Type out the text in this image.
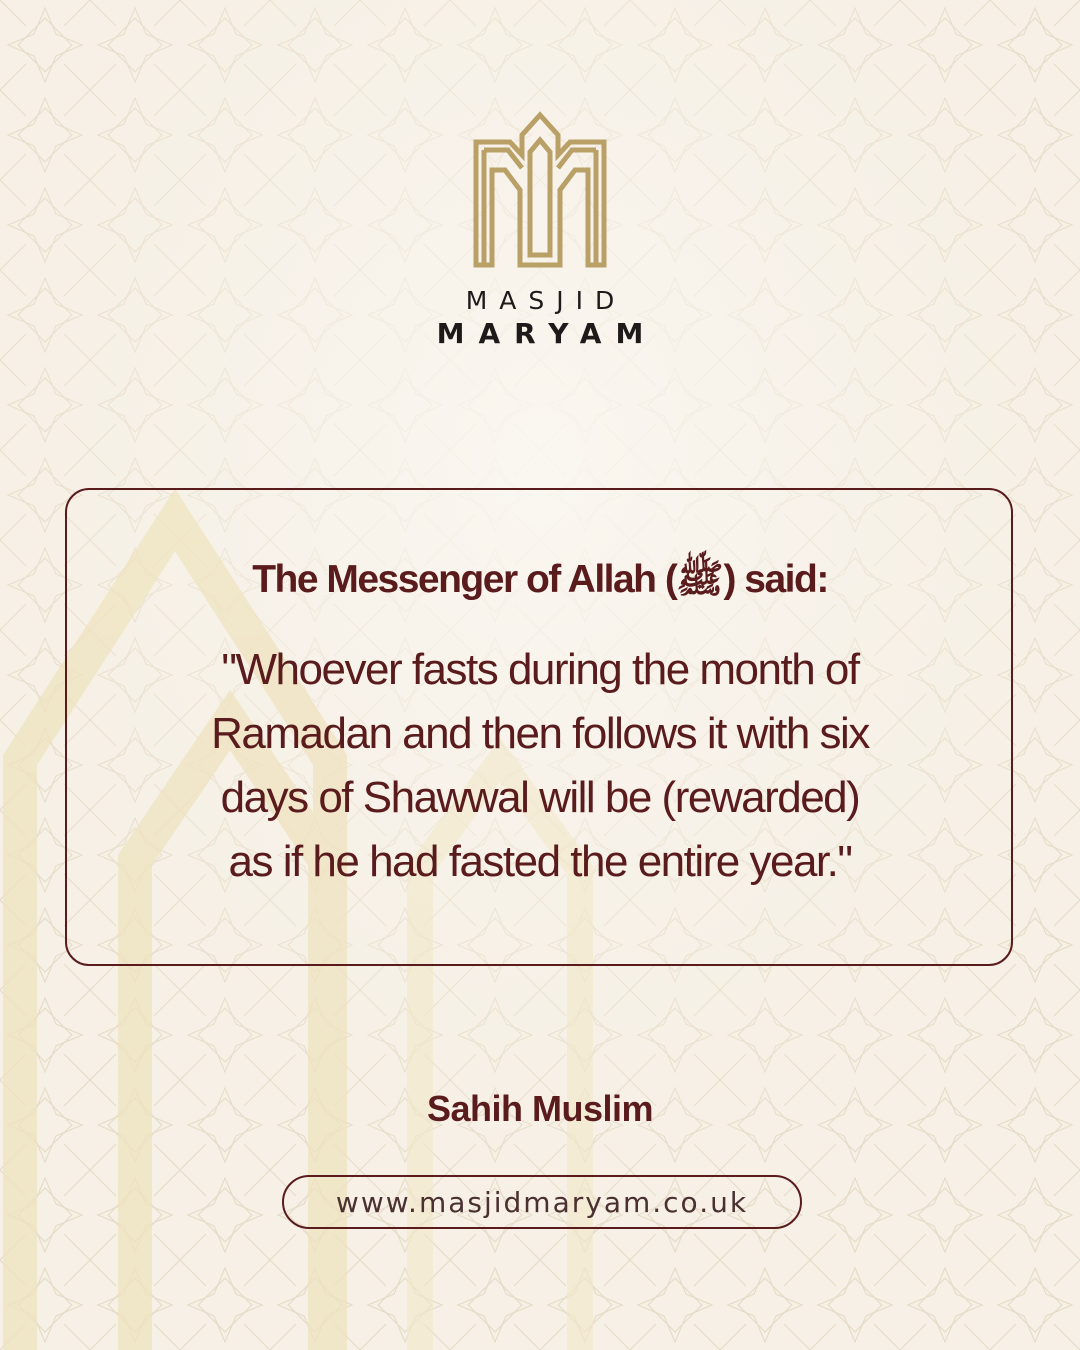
MASJID
MARYAM
The Messenger of Allah (ﷺ) said:
"Whoever fasts during the month of
Ramadan and then follows it with six
days of Shawwal will be (rewarded)
as if he had fasted the entire year."
Sahih Muslim
www.masjidmaryam.co.uk
